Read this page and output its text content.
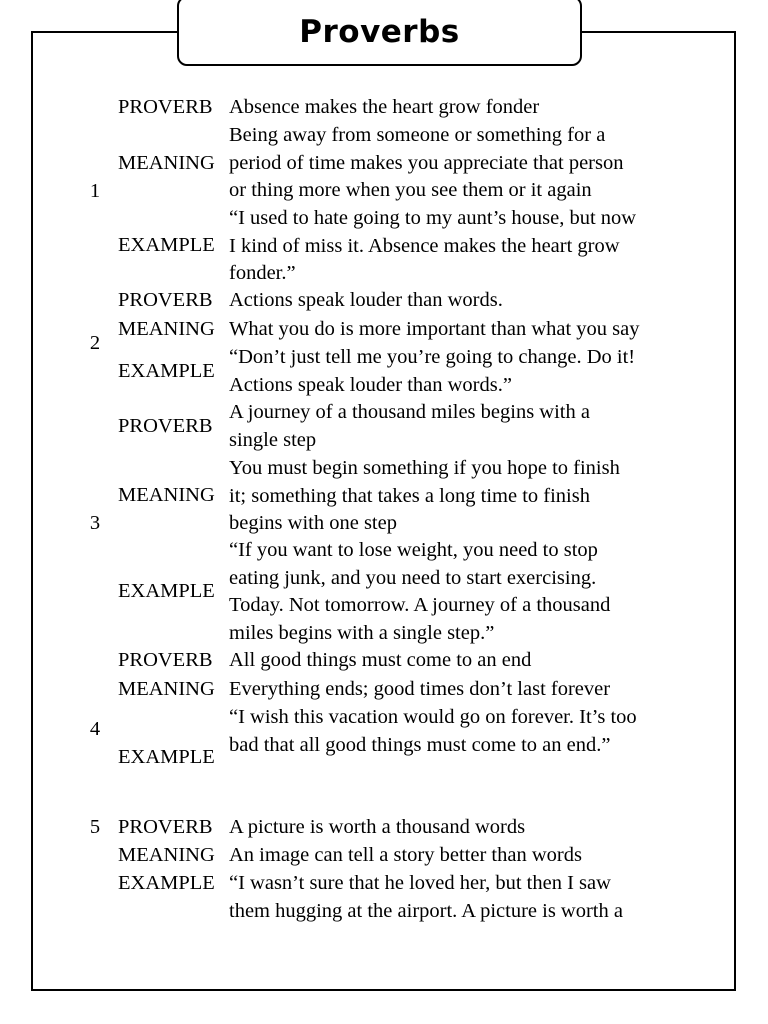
Proverbs
1
PROVERB Absence makes the heart grow fonder
MEANING
Being away from someone or something for a
period of time makes you appreciate that person
or thing more when you see them or it again
EXAMPLE
“I used to hate going to my aunt’s house, but now
I kind of miss it. Absence makes the heart grow
fonder.”
2
PROVERB Actions speak louder than words.
MEANING What you do is more important than what you say
EXAMPLE
“Don’t just tell me you’re going to change. Do it!
Actions speak louder than words.”
3
PROVERB
A journey of a thousand miles begins with a
single step
MEANING
You must begin something if you hope to finish
it; something that takes a long time to finish
begins with one step
EXAMPLE
“If you want to lose weight, you need to stop
eating junk, and you need to start exercising.
Today. Not tomorrow. A journey of a thousand
miles begins with a single step.”
4
PROVERB All good things must come to an end
MEANING Everything ends; good times don’t last forever
EXAMPLE
“I wish this vacation would go on forever. It’s too
bad that all good things must come to an end.”
5 PROVERB A picture is worth a thousand words
MEANING An image can tell a story better than words
EXAMPLE “I wasn’t sure that he loved her, but then I saw
them hugging at the airport. A picture is worth a
